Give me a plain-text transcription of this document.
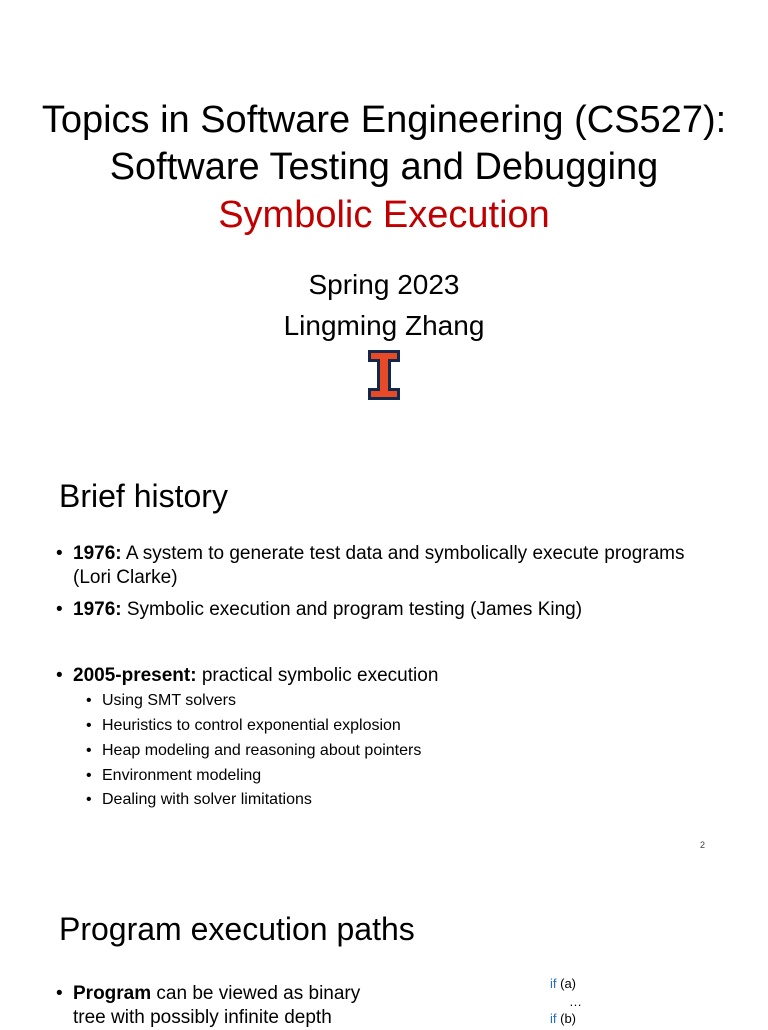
Topics in Software Engineering (CS527):
Software Testing and Debugging
Symbolic Execution
Spring 2023
Lingming Zhang
Brief history
• 1976: A system to generate test data and symbolically execute programs (Lori Clarke)
• 1976: Symbolic execution and program testing (James King)
• 2005-present: practical symbolic execution
• Using SMT solvers
• Heuristics to control exponential explosion
• Heap modeling and reasoning about pointers
• Environment modeling
• Dealing with solver limitations
2
Program execution paths
• Program can be viewed as binary tree with possibly infinite depth
if (a)
…
if (b)
